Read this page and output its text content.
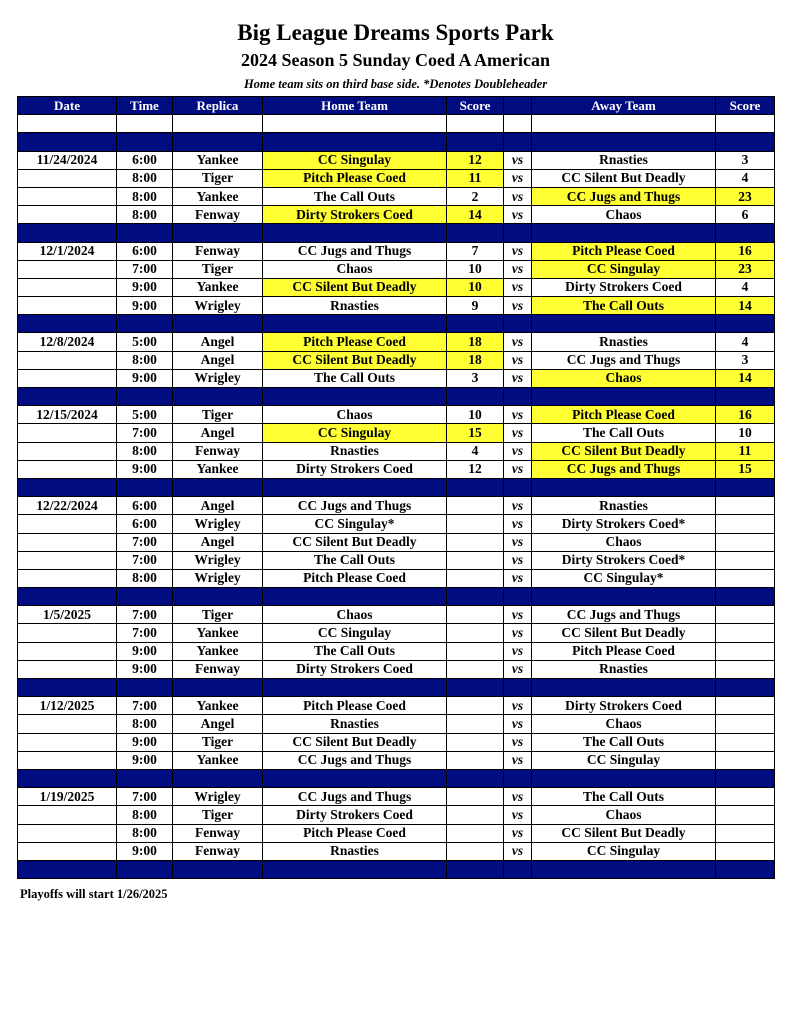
Big League Dreams Sports Park
2024 Season 5 Sunday Coed A American
Home team sits on third base side. *Denotes Doubleheader
Date	Time	Replica	Home Team	Score		Away Team	Score

11/24/2024	6:00	Yankee	CC Singulay	12	vs	Rnasties	3
	8:00	Tiger	Pitch Please Coed	11	vs	CC Silent But Deadly	4
	8:00	Yankee	The Call Outs	2	vs	CC Jugs and Thugs	23
	8:00	Fenway	Dirty Strokers Coed	14	vs	Chaos	6

12/1/2024	6:00	Fenway	CC Jugs and Thugs	7	vs	Pitch Please Coed	16
	7:00	Tiger	Chaos	10	vs	CC Singulay	23
	9:00	Yankee	CC Silent But Deadly	10	vs	Dirty Strokers Coed	4
	9:00	Wrigley	Rnasties	9	vs	The Call Outs	14

12/8/2024	5:00	Angel	Pitch Please Coed	18	vs	Rnasties	4
	8:00	Angel	CC Silent But Deadly	18	vs	CC Jugs and Thugs	3
	9:00	Wrigley	The Call Outs	3	vs	Chaos	14

12/15/2024	5:00	Tiger	Chaos	10	vs	Pitch Please Coed	16
	7:00	Angel	CC Singulay	15	vs	The Call Outs	10
	8:00	Fenway	Rnasties	4	vs	CC Silent But Deadly	11
	9:00	Yankee	Dirty Strokers Coed	12	vs	CC Jugs and Thugs	15

12/22/2024	6:00	Angel	CC Jugs and Thugs		vs	Rnasties	
	6:00	Wrigley	CC Singulay*		vs	Dirty Strokers Coed*	
	7:00	Angel	CC Silent But Deadly		vs	Chaos	
	7:00	Wrigley	The Call Outs		vs	Dirty Strokers Coed*	
	8:00	Wrigley	Pitch Please Coed		vs	CC Singulay*	

1/5/2025	7:00	Tiger	Chaos		vs	CC Jugs and Thugs	
	7:00	Yankee	CC Singulay		vs	CC Silent But Deadly	
	9:00	Yankee	The Call Outs		vs	Pitch Please Coed	
	9:00	Fenway	Dirty Strokers Coed		vs	Rnasties	

1/12/2025	7:00	Yankee	Pitch Please Coed		vs	Dirty Strokers Coed	
	8:00	Angel	Rnasties		vs	Chaos	
	9:00	Tiger	CC Silent But Deadly		vs	The Call Outs	
	9:00	Yankee	CC Jugs and Thugs		vs	CC Singulay	

1/19/2025	7:00	Wrigley	CC Jugs and Thugs		vs	The Call Outs	
	8:00	Tiger	Dirty Strokers Coed		vs	Chaos	
	8:00	Fenway	Pitch Please Coed		vs	CC Silent But Deadly	
	9:00	Fenway	Rnasties		vs	CC Singulay	

Playoffs will start 1/26/2025
